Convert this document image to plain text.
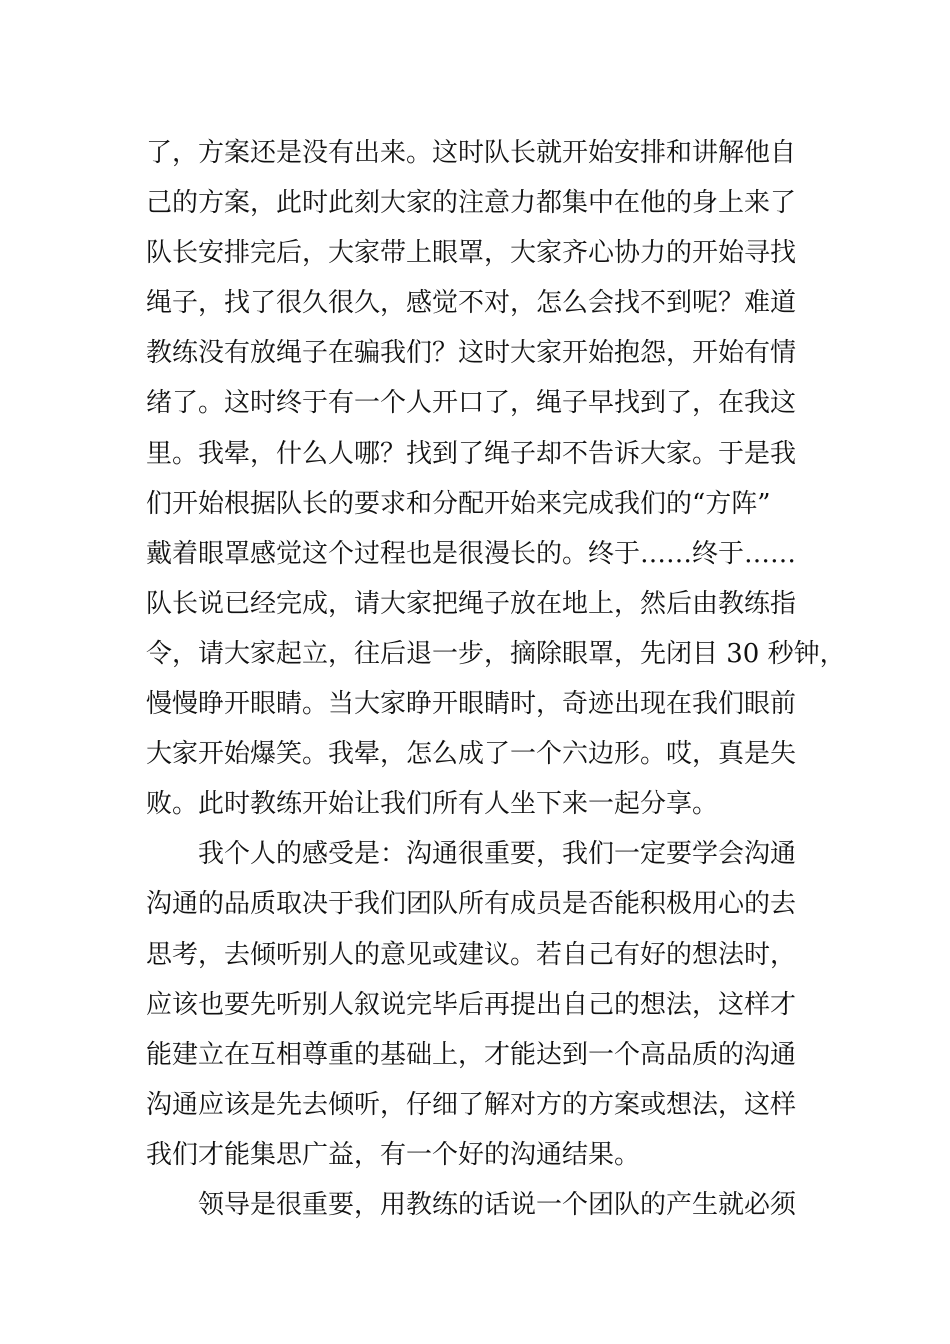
了，方案还是没有出来。这时队长就开始安排和讲解他自
己的方案，此时此刻大家的注意力都集中在他的身上来了
队长安排完后，大家带上眼罩，大家齐心协力的开始寻找
绳子，找了很久很久，感觉不对，怎么会找不到呢？难道
教练没有放绳子在骗我们？这时大家开始抱怨，开始有情
绪了。这时终于有一个人开口了，绳子早找到了，在我这
里。我晕，什么人哪？找到了绳子却不告诉大家。于是我
们开始根据队长的要求和分配开始来完成我们的“方阵”
戴着眼罩感觉这个过程也是很漫长的。终于……终于……
队长说已经完成，请大家把绳子放在地上，然后由教练指
令，请大家起立，往后退一步，摘除眼罩，先闭目 30 秒钟，
慢慢睁开眼睛。当大家睁开眼睛时，奇迹出现在我们眼前
大家开始爆笑。我晕，怎么成了一个六边形。哎，真是失
败。此时教练开始让我们所有人坐下来一起分享。
　　我个人的感受是：沟通很重要，我们一定要学会沟通
沟通的品质取决于我们团队所有成员是否能积极用心的去
思考，去倾听别人的意见或建议。若自己有好的想法时，
应该也要先听别人叙说完毕后再提出自己的想法，这样才
能建立在互相尊重的基础上，才能达到一个高品质的沟通
沟通应该是先去倾听，仔细了解对方的方案或想法，这样
我们才能集思广益，有一个好的沟通结果。
　　领导是很重要，用教练的话说一个团队的产生就必须
